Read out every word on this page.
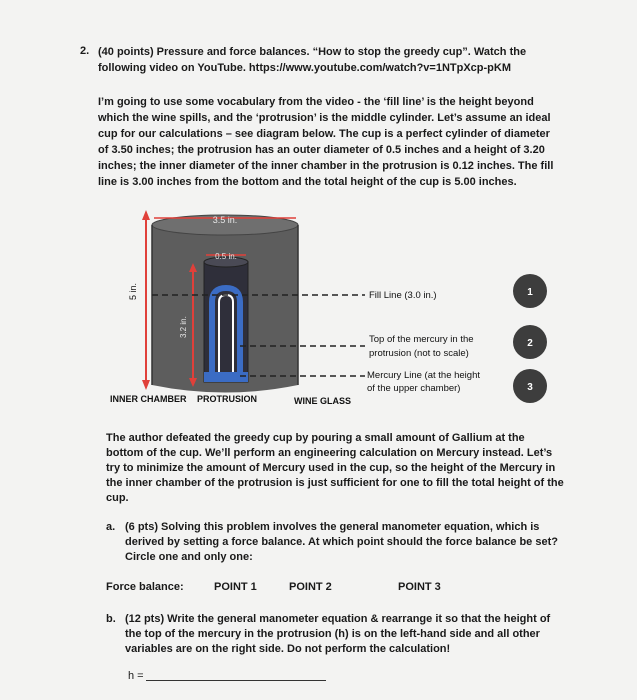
2. (40 points) Pressure and force balances. “How to stop the greedy cup”. Watch the

following video on YouTube. https://www.youtube.com/watch?v=1NTpXcp-pKM

I’m going to use some vocabulary from the video - the ‘fill line’ is the height beyond

which the wine spills, and the ‘protrusion’ is the middle cylinder. Let’s assume an ideal

cup for our calculations – see diagram below. The cup is a perfect cylinder of diameter

of 3.50 inches; the protrusion has an outer diameter of 0.5 inches and a height of 3.20

inches; the inner diameter of the inner chamber in the protrusion is 0.12 inches. The fill

line is 3.00 inches from the bottom and the total height of the cup is 5.00 inches.

3.5 in.
0.5 in.
5 in.
3.2 in.
Fill Line (3.0 in.)
Top of the mercury in the
protrusion (not to scale)
Mercury Line (at the height
of the upper chamber)
INNER CHAMBER PROTRUSION	WINE GLASS
1
2
3

The author defeated the greedy cup by pouring a small amount of Gallium at the

bottom of the cup. We’ll perform an engineering calculation on Mercury instead. Let’s

try to minimize the amount of Mercury used in the cup, so the height of the Mercury in

the inner chamber of the protrusion is just sufficient for one to fill the total height of the

cup.

a. (6 pts) Solving this problem involves the general manometer equation, which is

derived by setting a force balance. At which point should the force balance be set?

Circle one and only one:

Force balance:	POINT 1	POINT 2	POINT 3

b. (12 pts) Write the general manometer equation & rearrange it so that the height of

the top of the mercury in the protrusion (h) is on the left-hand side and all other

variables are on the right side. Do not perform the calculation!

h =
